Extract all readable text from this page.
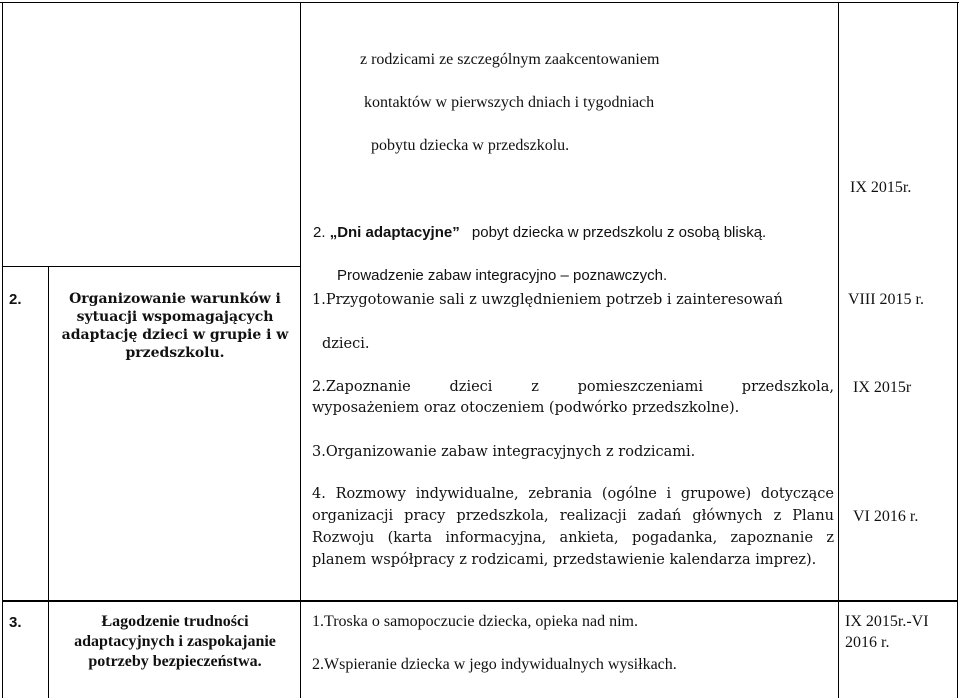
z rodzicami ze szczególnym zaakcentowaniem
kontaktów w pierwszych dniach i tygodniach
pobytu dziecka w przedszkolu.
IX 2015r.
2. „Dni adaptacyjne” pobyt dziecka w przedszkolu z osobą bliską.
Prowadzenie zabaw integracyjno – poznawczych.
2.	Organizowanie warunków i
sytuacji wspomagających
adaptację dzieci w grupie i w
przedszkolu.
1.Przygotowanie sali z uwzględnieniem potrzeb i zainteresowań
dzieci.
2.Zapoznanie dzieci z pomieszczeniami przedszkola,
wyposażeniem oraz otoczeniem (podwórko przedszkolne).
3.Organizowanie zabaw integracyjnych z rodzicami.
4. Rozmowy indywidualne, zebrania (ogólne i grupowe) dotyczące
organizacji pracy przedszkola, realizacji zadań głównych z Planu
Rozwoju (karta informacyjna, ankieta, pogadanka, zapoznanie z
planem współpracy z rodzicami, przedstawienie kalendarza imprez).
VIII 2015 r.
IX 2015r
VI 2016 r.
3.	Łagodzenie trudności
adaptacyjnych i zaspokajanie
potrzeby bezpieczeństwa.
1.Troska o samopoczucie dziecka, opieka nad nim.
2.Wspieranie dziecka w jego indywidualnych wysiłkach.
IX 2015r.-VI
2016 r.
